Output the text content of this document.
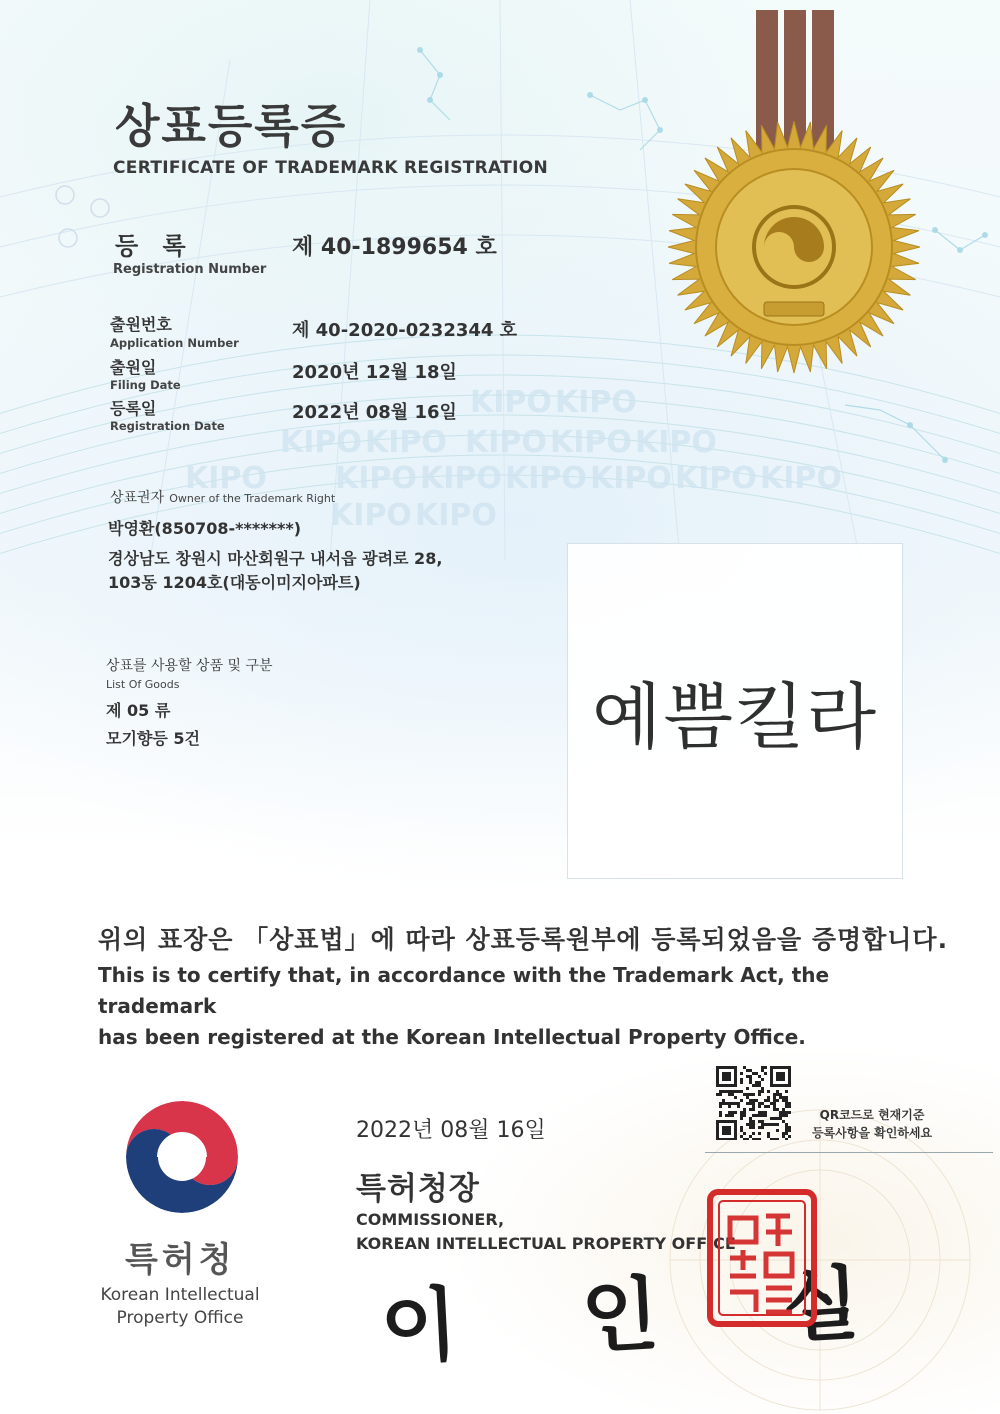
KIPO KIPO
KIPO KIPO KIPO KIPO KIPO
KIPO KIPO KIPO KIPO KIPO KIPO KIPO
KIPO KIPO
상표등록증
CERTIFICATE OF TRADEMARK REGISTRATION
등 록
Registration Number
제 40-1899654 호
출원번호
Application Number
제 40-2020-0232344 호
출원일
Filing Date
2020년 12월 18일
등록일
Registration Date
2022년 08월 16일
상표권자 Owner of the Trademark Right
박영환(850708-*******)
경상남도 창원시 마산회원구 내서읍 광려로 28,
103동 1204호(대동이미지아파트)
상표를 사용할 상품 및 구분
List Of Goods
제 05 류
모기향등 5건	예쁨킬라
위의 표장은 「상표법」에 따라 상표등록원부에 등록되었음을 증명합니다.
This is to certify that, in accordance with the Trademark Act, the trademark
has been registered at the Korean Intellectual Property Office.
QR코드로 현재기준
등록사항을 확인하세요
2022년 08월 16일
특허청장
COMMISSIONER,
KOREAN INTELLECTUAL PROPERTY OFFICE
이 인 실
특허청
Korean Intellectual
Property Office
